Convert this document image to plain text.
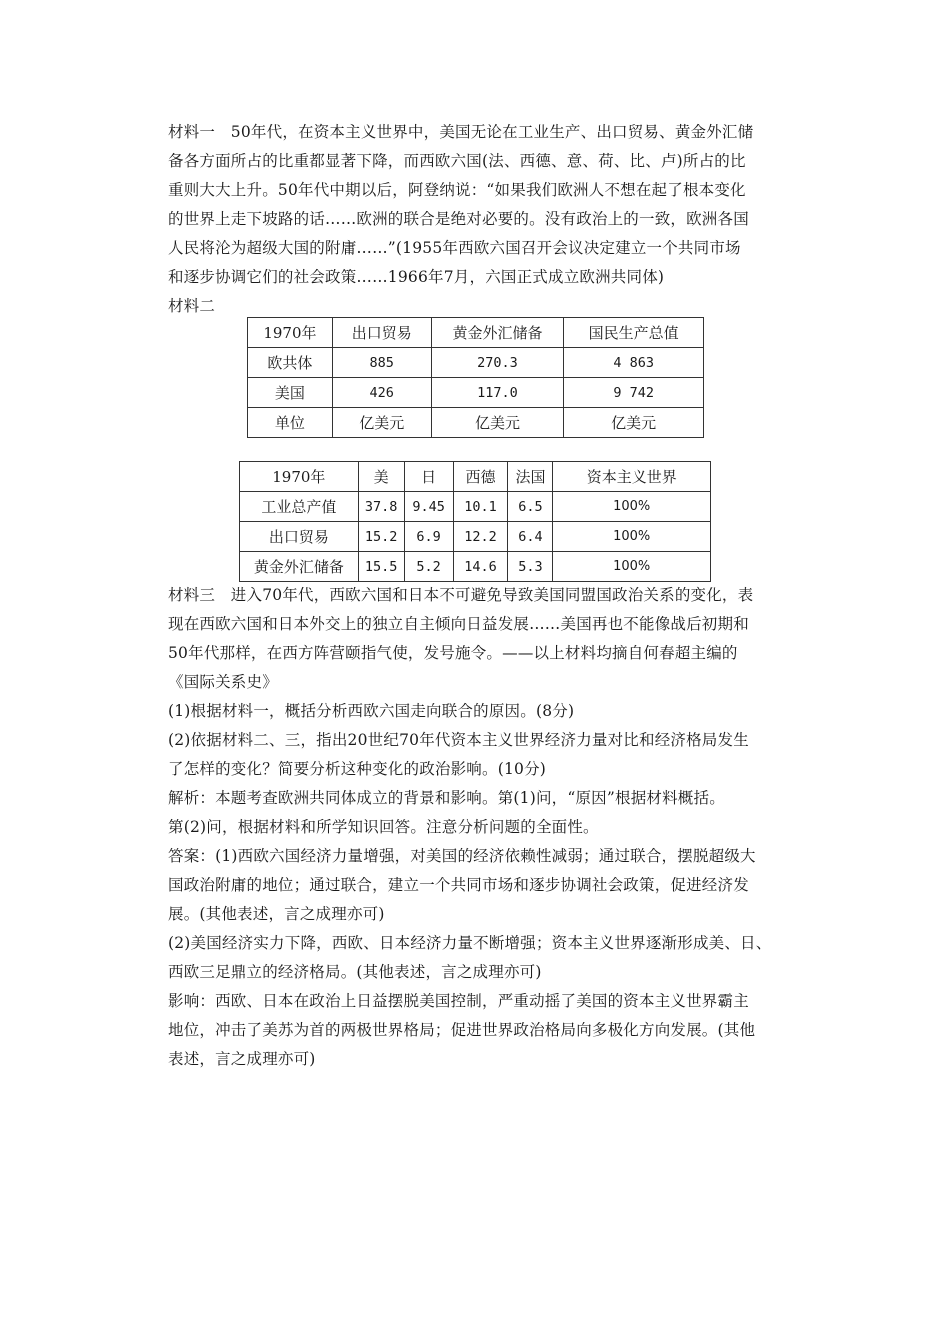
材料一　50年代，在资本主义世界中，美国无论在工业生产、出口贸易、黄金外汇储

备各方面所占的比重都显著下降，而西欧六国(法、西德、意、荷、比、卢)所占的比

重则大大上升。50年代中期以后，阿登纳说：“如果我们欧洲人不想在起了根本变化

的世界上走下坡路的话……欧洲的联合是绝对必要的。没有政治上的一致，欧洲各国

人民将沦为超级大国的附庸……”(1955年西欧六国召开会议决定建立一个共同市场

和逐步协调它们的社会政策……1966年7月，六国正式成立欧洲共同体)

材料二

1970年	出口贸易	黄金外汇储备	国民生产总值
欧共体	885	270.3	4 863
美国	426	117.0	9 742
单位	亿美元	亿美元	亿美元
1970年	美	日	西德	法国	资本主义世界
工业总产值	37.8	9.45	10.1	6.5	100%
出口贸易	15.2	6.9	12.2	6.4	100%
黄金外汇储备	15.5	5.2	14.6	5.3	100%

材料三　进入70年代，西欧六国和日本不可避免导致美国同盟国政治关系的变化，表

现在西欧六国和日本外交上的独立自主倾向日益发展……美国再也不能像战后初期和

50年代那样，在西方阵营颐指气使，发号施令。——以上材料均摘自何春超主编的

《国际关系史》

(1)根据材料一，概括分析西欧六国走向联合的原因。(8分)

(2)依据材料二、三，指出20世纪70年代资本主义世界经济力量对比和经济格局发生

了怎样的变化？简要分析这种变化的政治影响。(10分)

解析：本题考查欧洲共同体成立的背景和影响。第(1)问，“原因”根据材料概括。

第(2)问，根据材料和所学知识回答。注意分析问题的全面性。

答案：(1)西欧六国经济力量增强，对美国的经济依赖性减弱；通过联合，摆脱超级大

国政治附庸的地位；通过联合，建立一个共同市场和逐步协调社会政策，促进经济发

展。(其他表述，言之成理亦可)

(2)美国经济实力下降，西欧、日本经济力量不断增强；资本主义世界逐渐形成美、日、

西欧三足鼎立的经济格局。(其他表述，言之成理亦可)

影响：西欧、日本在政治上日益摆脱美国控制，严重动摇了美国的资本主义世界霸主

地位，冲击了美苏为首的两极世界格局；促进世界政治格局向多极化方向发展。(其他

表述，言之成理亦可)
